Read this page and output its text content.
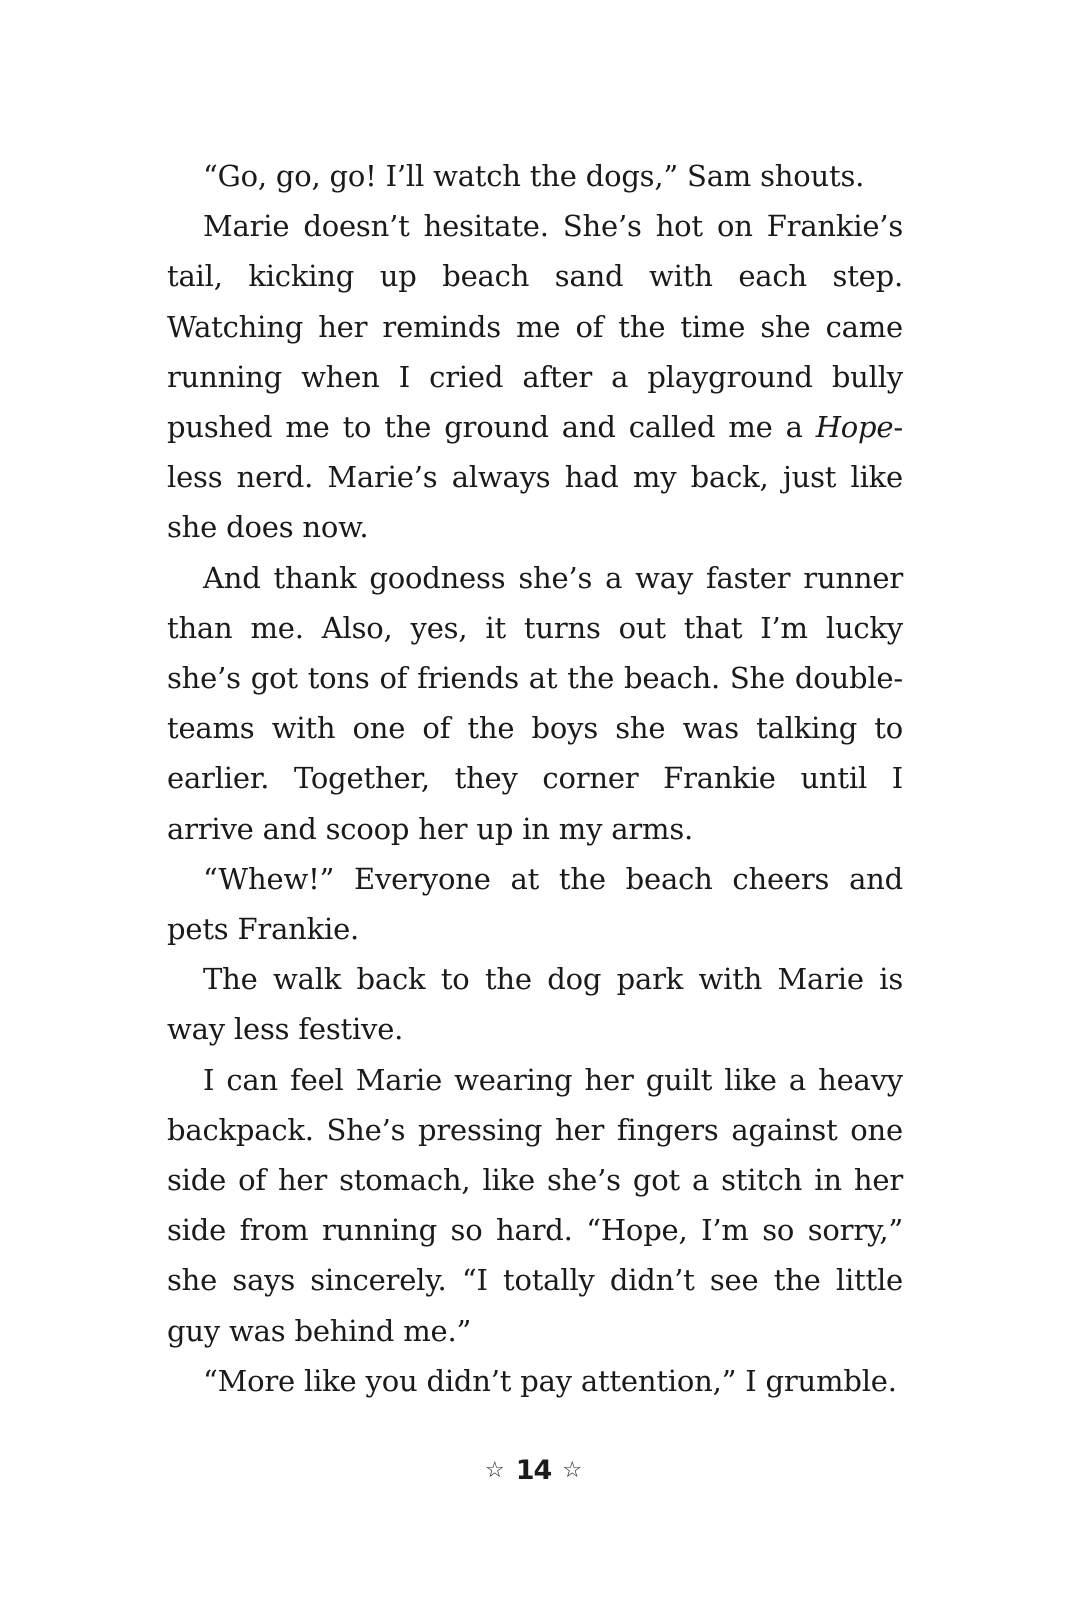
“Go, go, go! I’ll watch the dogs,” Sam shouts.

Marie doesn’t hesitate. She’s hot on Frankie’s tail, kicking up beach sand with each step. Watching her reminds me of the time she came running when I cried after a playground bully pushed me to the ground and called me a Hope-less nerd. Marie’s always had my back, just like she does now.

And thank goodness she’s a way faster runner than me. Also, yes, it turns out that I’m lucky she’s got tons of friends at the beach. She double-teams with one of the boys she was talking to earlier. Together, they corner Frankie until I arrive and scoop her up in my arms.

“Whew!” Everyone at the beach cheers and pets Frankie.

The walk back to the dog park with Marie is way less festive.

I can feel Marie wearing her guilt like a heavy backpack. She’s pressing her fingers against one side of her stomach, like she’s got a stitch in her side from running so hard. “Hope, I’m so sorry,” she says sincerely. “I totally didn’t see the little guy was behind me.”

“More like you didn’t pay attention,” I grumble.

☆ 14 ☆
